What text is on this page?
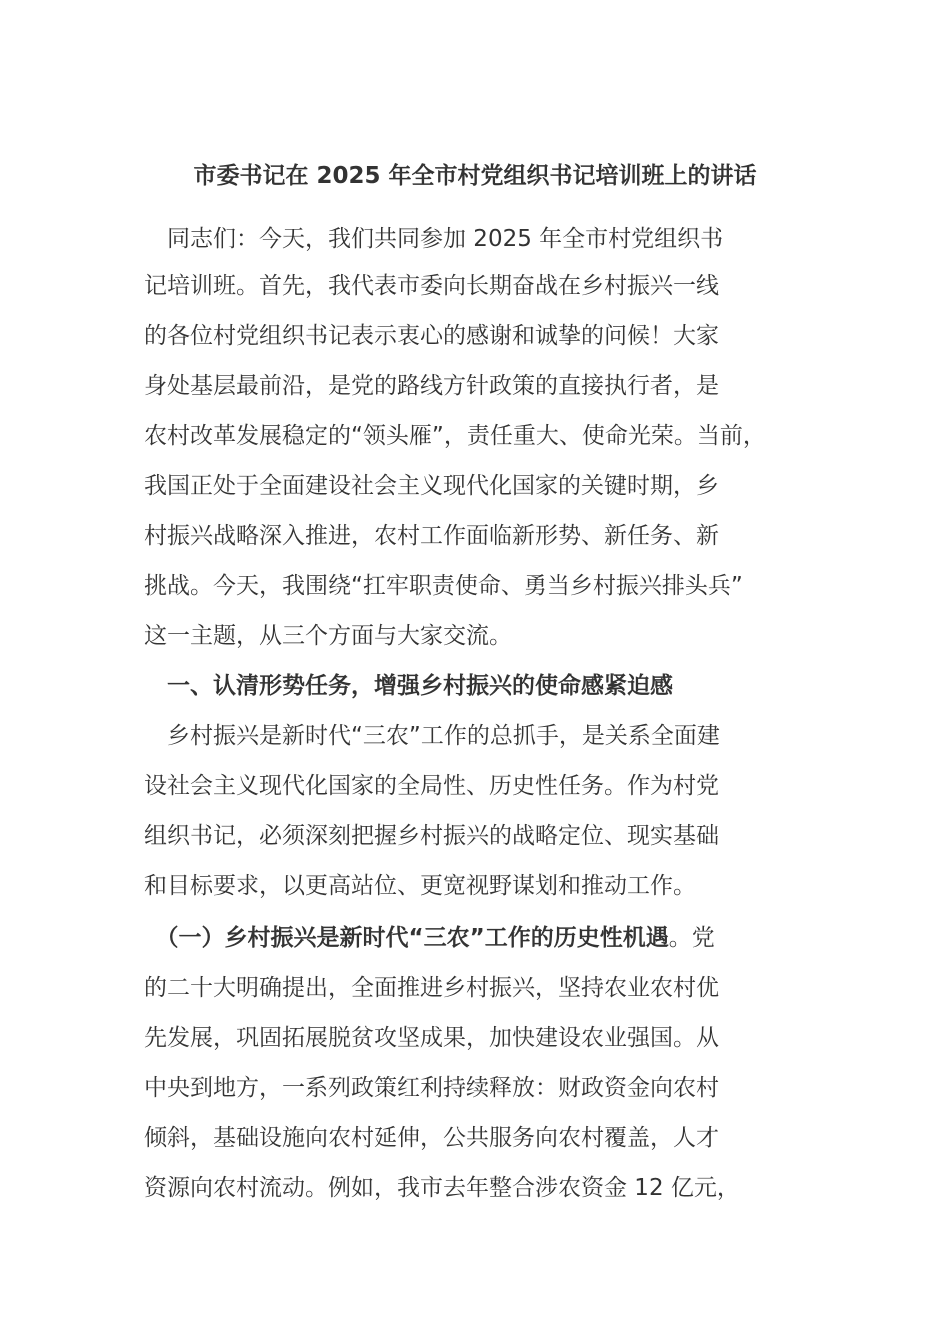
市委书记在 2025 年全市村党组织书记培训班上的讲话
　同志们：今天，我们共同参加 2025 年全市村党组织书
记培训班。首先，我代表市委向长期奋战在乡村振兴一线
的各位村党组织书记表示衷心的感谢和诚挚的问候！大家
身处基层最前沿，是党的路线方针政策的直接执行者，是
农村改革发展稳定的“领头雁”，责任重大、使命光荣。当前，
我国正处于全面建设社会主义现代化国家的关键时期，乡
村振兴战略深入推进，农村工作面临新形势、新任务、新
挑战。今天，我围绕“扛牢职责使命、勇当乡村振兴排头兵”
这一主题，从三个方面与大家交流。
　一、认清形势任务，增强乡村振兴的使命感紧迫感
　乡村振兴是新时代“三农”工作的总抓手，是关系全面建
设社会主义现代化国家的全局性、历史性任务。作为村党
组织书记，必须深刻把握乡村振兴的战略定位、现实基础
和目标要求，以更高站位、更宽视野谋划和推动工作。
　（一）乡村振兴是新时代“三农”工作的历史性机遇。党
的二十大明确提出，全面推进乡村振兴，坚持农业农村优
先发展，巩固拓展脱贫攻坚成果，加快建设农业强国。从
中央到地方，一系列政策红利持续释放：财政资金向农村
倾斜，基础设施向农村延伸，公共服务向农村覆盖，人才
资源向农村流动。例如，我市去年整合涉农资金 12 亿元，
